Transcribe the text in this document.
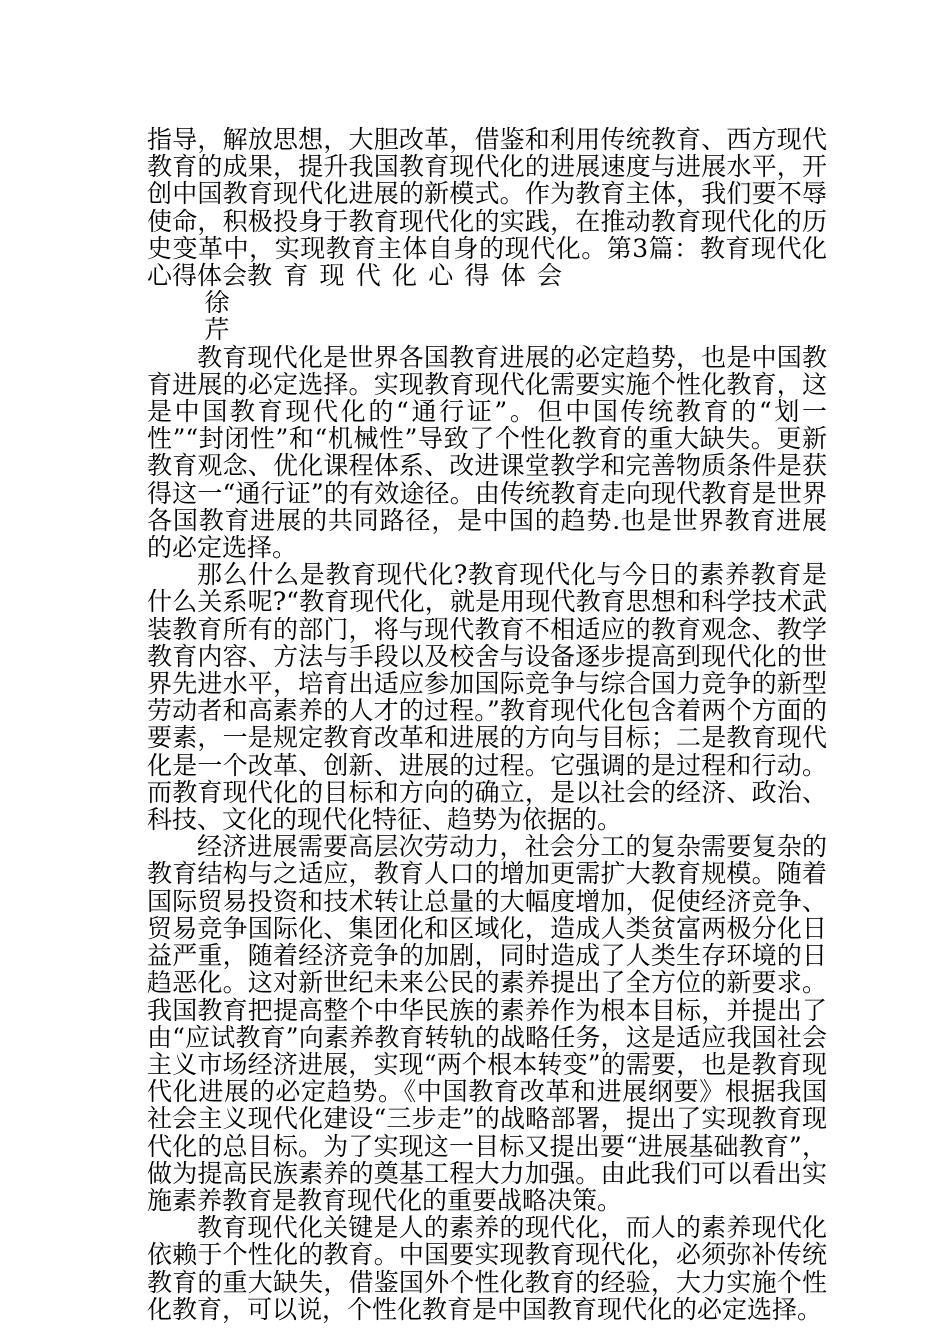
指导，解放思想，大胆改革，借鉴和利用传统教育、西方现代教育的成果，提升我国教育现代化的进展速度与进展水平，开创中国教育现代化进展的新模式。作为教育主体，我们要不辱使命，积极投身于教育现代化的实践，在推动教育现代化的历史变革中，实现教育主体自身的现代化。第3篇：教育现代化心得体会教育现代化心得体会

徐

芹

教育现代化是世界各国教育进展的必定趋势，也是中国教育进展的必定选择。实现教育现代化需要实施个性化教育，这是中国教育现代化的“通行证”。但中国传统教育的“划一性”“封闭性”和“机械性”导致了个性化教育的重大缺失。更新教育观念、优化课程体系、改进课堂教学和完善物质条件是获得这一“通行证”的有效途径。由传统教育走向现代教育是世界各国教育进展的共同路径，是中国的趋势.也是世界教育进展的必定选择。

那么什么是教育现代化?教育现代化与今日的素养教育是什么关系呢?“教育现代化，就是用现代教育思想和科学技术武装教育所有的部门，将与现代教育不相适应的教育观念、教学教育内容、方法与手段以及校舍与设备逐步提高到现代化的世界先进水平，培育出适应参加国际竞争与综合国力竞争的新型劳动者和高素养的人才的过程。”教育现代化包含着两个方面的要素，一是规定教育改革和进展的方向与目标；二是教育现代化是一个改革、创新、进展的过程。它强调的是过程和行动。而教育现代化的目标和方向的确立，是以社会的经济、政治、科技、文化的现代化特征、趋势为依据的。

经济进展需要高层次劳动力，社会分工的复杂需要复杂的教育结构与之适应，教育人口的增加更需扩大教育规模。随着国际贸易投资和技术转让总量的大幅度增加，促使经济竞争、贸易竞争国际化、集团化和区域化，造成人类贫富两极分化日益严重，随着经济竞争的加剧，同时造成了人类生存环境的日趋恶化。这对新世纪未来公民的素养提出了全方位的新要求。我国教育把提高整个中华民族的素养作为根本目标，并提出了由“应试教育”向素养教育转轨的战略任务，这是适应我国社会主义市场经济进展，实现“两个根本转变”的需要，也是教育现代化进展的必定趋势。《中国教育改革和进展纲要》根据我国社会主义现代化建设“三步走”的战略部署，提出了实现教育现代化的总目标。为了实现这一目标又提出要“进展基础教育”，做为提高民族素养的奠基工程大力加强。由此我们可以看出实施素养教育是教育现代化的重要战略决策。

教育现代化关键是人的素养的现代化，而人的素养现代化依赖于个性化的教育。中国要实现教育现代化，必须弥补传统教育的重大缺失，借鉴国外个性化教育的经验，大力实施个性化教育，可以说，个性化教育是中国教育现代化的必定选择。
